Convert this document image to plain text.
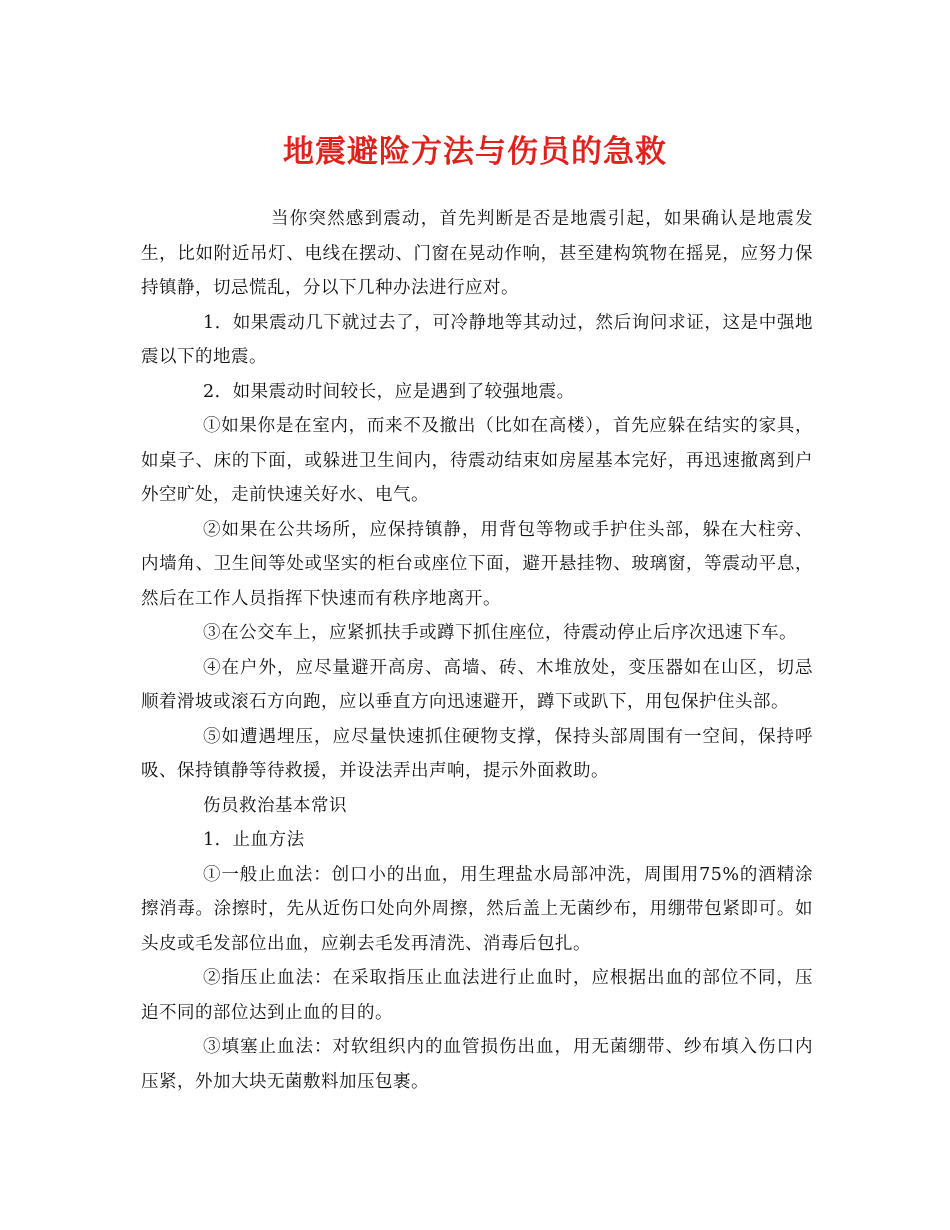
地震避险方法与伤员的急救

当你突然感到震动，首先判断是否是地震引起，如果确认是地震发生，比如附近吊灯、电线在摆动、门窗在晃动作响，甚至建构筑物在摇晃，应努力保持镇静，切忌慌乱，分以下几种办法进行应对。

1．如果震动几下就过去了，可冷静地等其动过，然后询问求证，这是中强地震以下的地震。

2．如果震动时间较长，应是遇到了较强地震。

①如果你是在室内，而来不及撤出（比如在高楼），首先应躲在结实的家具，如桌子、床的下面，或躲进卫生间内，待震动结束如房屋基本完好，再迅速撤离到户外空旷处，走前快速关好水、电气。

②如果在公共场所，应保持镇静，用背包等物或手护住头部，躲在大柱旁、内墙角、卫生间等处或坚实的柜台或座位下面，避开悬挂物、玻璃窗，等震动平息，然后在工作人员指挥下快速而有秩序地离开。

③在公交车上，应紧抓扶手或蹲下抓住座位，待震动停止后序次迅速下车。

④在户外，应尽量避开高房、高墙、砖、木堆放处，变压器如在山区，切忌顺着滑坡或滚石方向跑，应以垂直方向迅速避开，蹲下或趴下，用包保护住头部。

⑤如遭遇埋压，应尽量快速抓住硬物支撑，保持头部周围有一空间，保持呼吸、保持镇静等待救援，并设法弄出声响，提示外面救助。

伤员救治基本常识

1．止血方法

①一般止血法：创口小的出血，用生理盐水局部冲洗，周围用75%的酒精涂擦消毒。涂擦时，先从近伤口处向外周擦，然后盖上无菌纱布，用绷带包紧即可。如头皮或毛发部位出血，应剃去毛发再清洗、消毒后包扎。

②指压止血法：在采取指压止血法进行止血时，应根据出血的部位不同，压迫不同的部位达到止血的目的。

③填塞止血法：对软组织内的血管损伤出血，用无菌绷带、纱布填入伤口内压紧，外加大块无菌敷料加压包裹。
